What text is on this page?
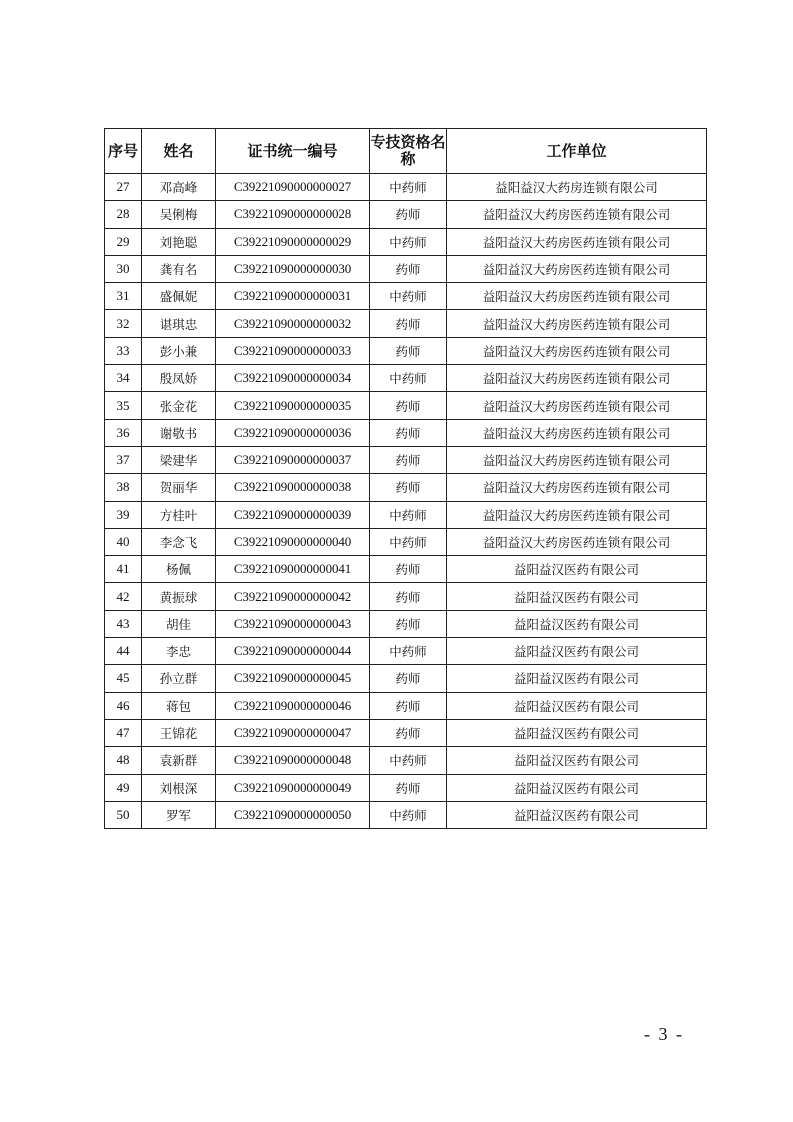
序号	姓名	证书统一编号	专技资格名称	工作单位
27	邓高峰	C39221090000000027	中药师	益阳益汉大药房连锁有限公司
28	吴俐梅	C39221090000000028	药师	益阳益汉大药房医药连锁有限公司
29	刘艳聪	C39221090000000029	中药师	益阳益汉大药房医药连锁有限公司
30	龚有名	C39221090000000030	药师	益阳益汉大药房医药连锁有限公司
31	盛佩妮	C39221090000000031	中药师	益阳益汉大药房医药连锁有限公司
32	谌琪忠	C39221090000000032	药师	益阳益汉大药房医药连锁有限公司
33	彭小兼	C39221090000000033	药师	益阳益汉大药房医药连锁有限公司
34	殷凤娇	C39221090000000034	中药师	益阳益汉大药房医药连锁有限公司
35	张金花	C39221090000000035	药师	益阳益汉大药房医药连锁有限公司
36	谢敬书	C39221090000000036	药师	益阳益汉大药房医药连锁有限公司
37	梁建华	C39221090000000037	药师	益阳益汉大药房医药连锁有限公司
38	贺丽华	C39221090000000038	药师	益阳益汉大药房医药连锁有限公司
39	方桂叶	C39221090000000039	中药师	益阳益汉大药房医药连锁有限公司
40	李念飞	C39221090000000040	中药师	益阳益汉大药房医药连锁有限公司
41	杨佩	C39221090000000041	药师	益阳益汉医药有限公司
42	黄振球	C39221090000000042	药师	益阳益汉医药有限公司
43	胡佳	C39221090000000043	药师	益阳益汉医药有限公司
44	李忠	C39221090000000044	中药师	益阳益汉医药有限公司
45	孙立群	C39221090000000045	药师	益阳益汉医药有限公司
46	蒋包	C39221090000000046	药师	益阳益汉医药有限公司
47	王锦花	C39221090000000047	药师	益阳益汉医药有限公司
48	袁新群	C39221090000000048	中药师	益阳益汉医药有限公司
49	刘根深	C39221090000000049	药师	益阳益汉医药有限公司
50	罗军	C39221090000000050	中药师	益阳益汉医药有限公司
- 3 -
